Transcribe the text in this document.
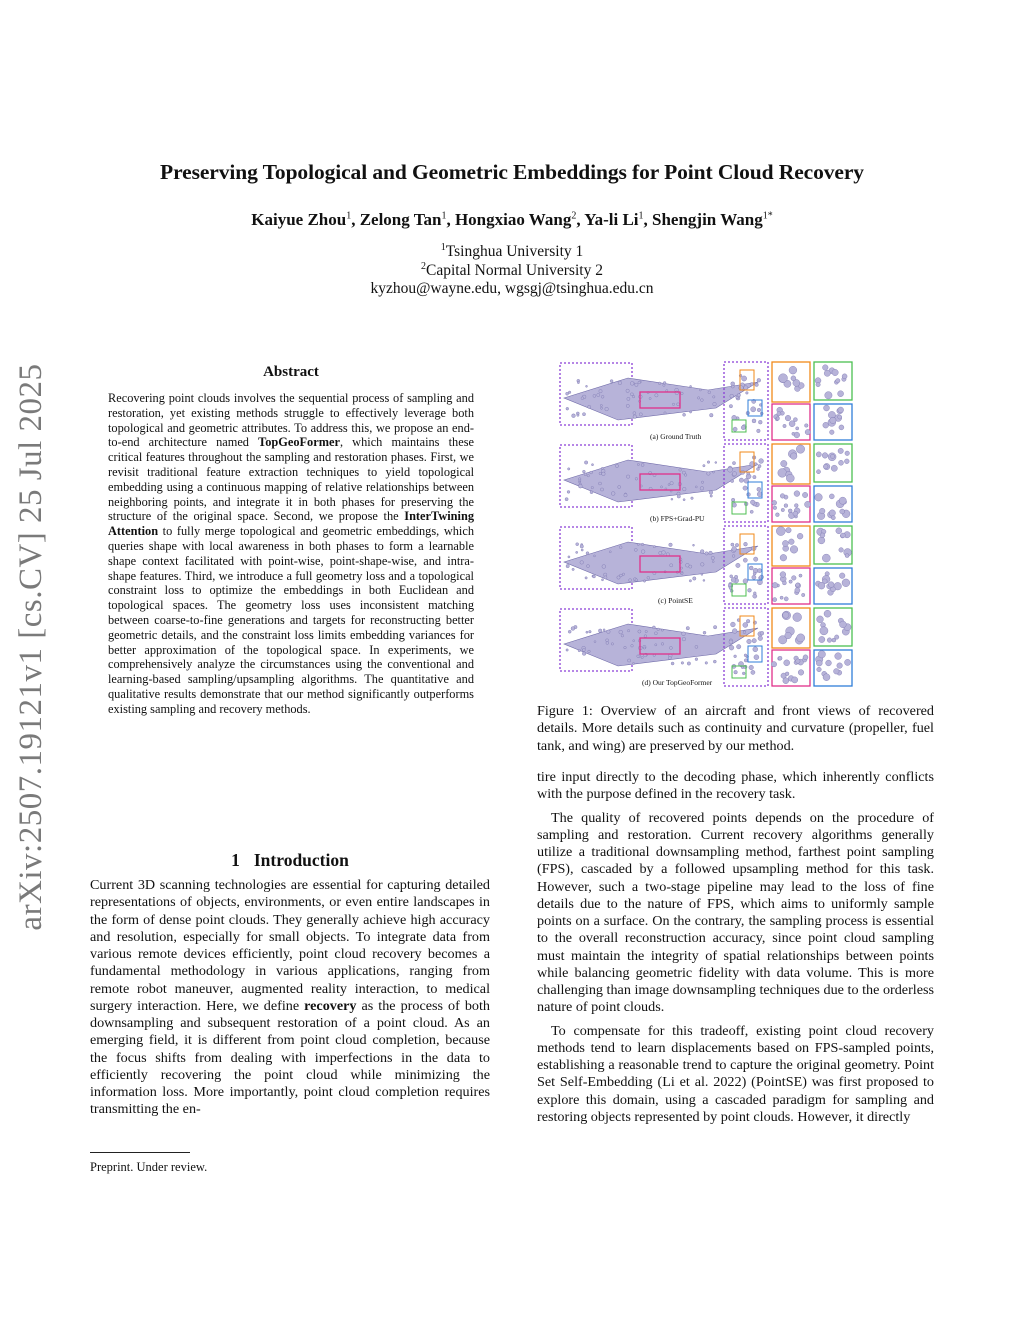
arXiv:2507.19121v1 [cs.CV] 25 Jul 2025
Preserving Topological and Geometric Embeddings for Point Cloud Recovery
Kaiyue Zhou$^1$, Zelong Tan$^1$, Hongxiao Wang$^2$, Ya-li Li$^1$, Shengjin Wang$^{1*}$
$^1$Tsinghua University 1
$^2$Capital Normal University 2
kyzhou@wayne.edu, wgsgj@tsinghua.edu.cn
Abstract
Recovering point clouds involves the sequential process of sampling and restoration, yet existing methods struggle to effectively leverage both topological and geometric attributes. To address this, we propose an end-to-end architecture named TopGeoFormer, which maintains these critical features throughout the sampling and restoration phases. First, we revisit traditional feature extraction techniques to yield topological embedding using a continuous mapping of relative relationships between neighboring points, and integrate it in both phases for preserving the structure of the original space. Second, we propose the InterTwining Attention to fully merge topological and geometric embeddings, which queries shape with local awareness in both phases to form a learnable shape context facilitated with point-wise, point-shape-wise, and intra-shape features. Third, we introduce a full geometry loss and a topological constraint loss to optimize the embeddings in both Euclidean and topological spaces. The geometry loss uses inconsistent matching between coarse-to-fine generations and targets for reconstructing better geometric details, and the constraint loss limits embedding variances for better approximation of the topological space. In experiments, we comprehensively analyze the circumstances using the conventional and learning-based sampling/upsampling algorithms. The quantitative and qualitative results demonstrate that our method significantly outperforms existing sampling and recovery methods.
1 Introduction
Current 3D scanning technologies are essential for capturing detailed representations of objects, environments, or even entire landscapes in the form of dense point clouds. They generally achieve high accuracy and resolution, especially for small objects. To integrate data from various remote devices efficiently, point cloud recovery becomes a fundamental methodology in various applications, ranging from remote robot maneuver, augmented reality interaction, to medical surgery interaction. Here, we define recovery as the process of both downsampling and subsequent restoration of a point cloud. As an emerging field, it is different from point cloud completion, because the focus shifts from dealing with imperfections in the data to efficiently recovering the point cloud while minimizing the information loss. More importantly, point cloud completion requires transmitting the en-
Preprint. Under review.
(a) Ground Truth
(b) FPS+Grad-PU
(c) PointSE
(d) Our TopGeoFormer
Figure 1: Overview of an aircraft and front views of recovered details. More details such as continuity and curvature (propeller, fuel tank, and wing) are preserved by our method.

tire input directly to the decoding phase, which inherently conflicts with the purpose defined in the recovery task.

The quality of recovered points depends on the procedure of sampling and restoration. Current recovery algorithms generally utilize a traditional downsampling method, farthest point sampling (FPS), cascaded by a followed upsampling method for this task. However, such a two-stage pipeline may lead to the loss of fine details due to the nature of FPS, which aims to uniformly sample points on a surface. On the contrary, the sampling process is essential to the overall reconstruction accuracy, since point cloud sampling must maintain the integrity of spatial relationships between points while balancing geometric fidelity with data volume. This is more challenging than image downsampling techniques due to the orderless nature of point clouds.

To compensate for this tradeoff, existing point cloud recovery methods tend to learn displacements based on FPS-sampled points, establishing a reasonable trend to capture the original geometry. Point Set Self-Embedding (Li et al. 2022) (PointSE) was first proposed to explore this domain, using a cascaded paradigm for sampling and restoring objects represented by point clouds. However, it directly
